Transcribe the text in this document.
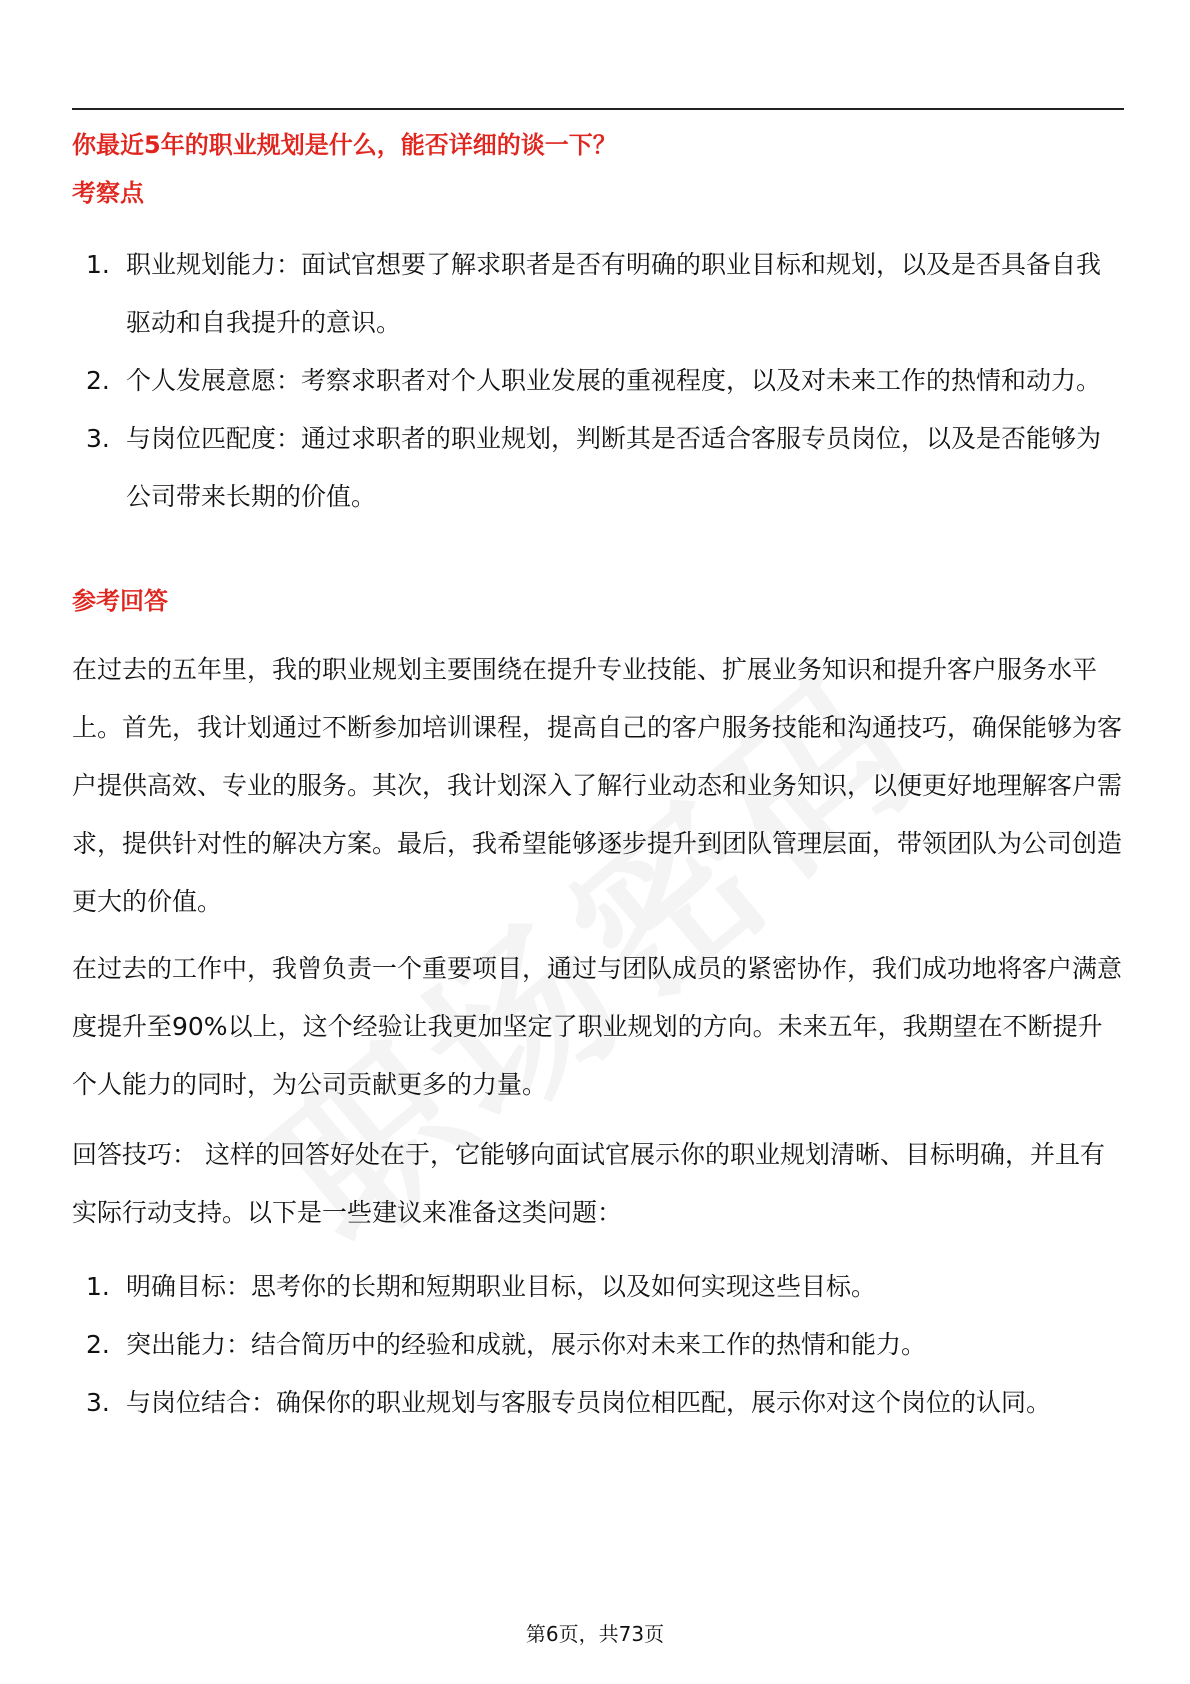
你最近5年的职业规划是什么，能否详细的谈一下？
考察点
1. 职业规划能力：面试官想要了解求职者是否有明确的职业目标和规划，以及是否具备自我驱动和自我提升的意识。
2. 个人发展意愿：考察求职者对个人职业发展的重视程度，以及对未来工作的热情和动力。
3. 与岗位匹配度：通过求职者的职业规划，判断其是否适合客服专员岗位，以及是否能够为公司带来长期的价值。
参考回答

在过去的五年里，我的职业规划主要围绕在提升专业技能、扩展业务知识和提升客户服务水平上。首先，我计划通过不断参加培训课程，提高自己的客户服务技能和沟通技巧，确保能够为客户提供高效、专业的服务。其次，我计划深入了解行业动态和业务知识，以便更好地理解客户需求，提供针对性的解决方案。最后，我希望能够逐步提升到团队管理层面，带领团队为公司创造更大的价值。

在过去的工作中，我曾负责一个重要项目，通过与团队成员的紧密协作，我们成功地将客户满意度提升至90%以上，这个经验让我更加坚定了职业规划的方向。未来五年，我期望在不断提升个人能力的同时，为公司贡献更多的力量。

回答技巧： 这样的回答好处在于，它能够向面试官展示你的职业规划清晰、目标明确，并且有实际行动支持。以下是一些建议来准备这类问题：

1. 明确目标：思考你的长期和短期职业目标，以及如何实现这些目标。
2. 突出能力：结合简历中的经验和成就，展示你对未来工作的热情和能力。
3. 与岗位结合：确保你的职业规划与客服专员岗位相匹配，展示你对这个岗位的认同。
第6页，共73页
